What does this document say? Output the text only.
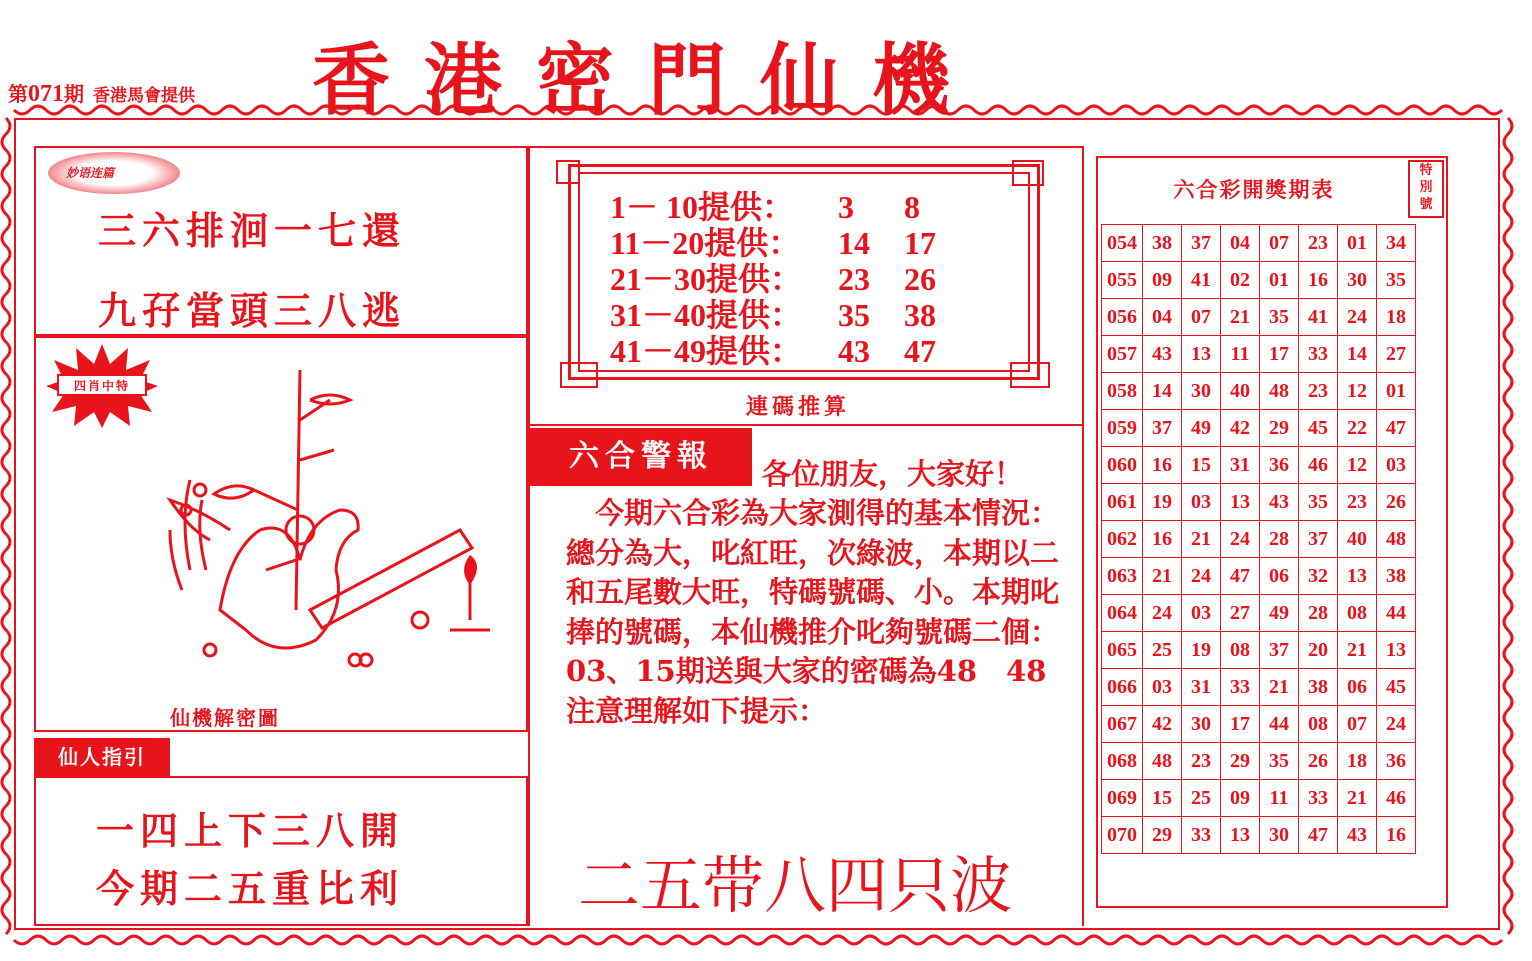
香港密門仙機
第071期 香港馬會提供
妙语连篇
三六排洄一七還
九孖當頭三八逃
四肖中特
仙機解密圖
仙人指引
一四上下三八開
今期二五重比利
1－ 10提供： 3 8
11－20提供： 14 17
21－30提供： 23 26
31－40提供： 35 38
41－49提供： 43 47
連碼推算
六合警報	各位朋友，大家好！
　今期六合彩為大家測得的基本情況：總分為大，叱紅旺，次綠波，本期以二和五尾數大旺，特碼號碼、小。本期叱捧的號碼，本仙機推介叱夠號碼二個：03、15期送與大家的密碼為48　48注意理解如下提示：
二五带八四只波
六合彩開獎期表
特別號
054	38	37	04	07	23	01	34
055	09	41	02	01	16	30	35
056	04	07	21	35	41	24	18
057	43	13	11	17	33	14	27
058	14	30	40	48	23	12	01
059	37	49	42	29	45	22	47
060	16	15	31	36	46	12	03
061	19	03	13	43	35	23	26
062	16	21	24	28	37	40	48
063	21	24	47	06	32	13	38
064	24	03	27	49	28	08	44
065	25	19	08	37	20	21	13
066	03	31	33	21	38	06	45
067	42	30	17	44	08	07	24
068	48	23	29	35	26	18	36
069	15	25	09	11	33	21	46
070	29	33	13	30	47	43	16
